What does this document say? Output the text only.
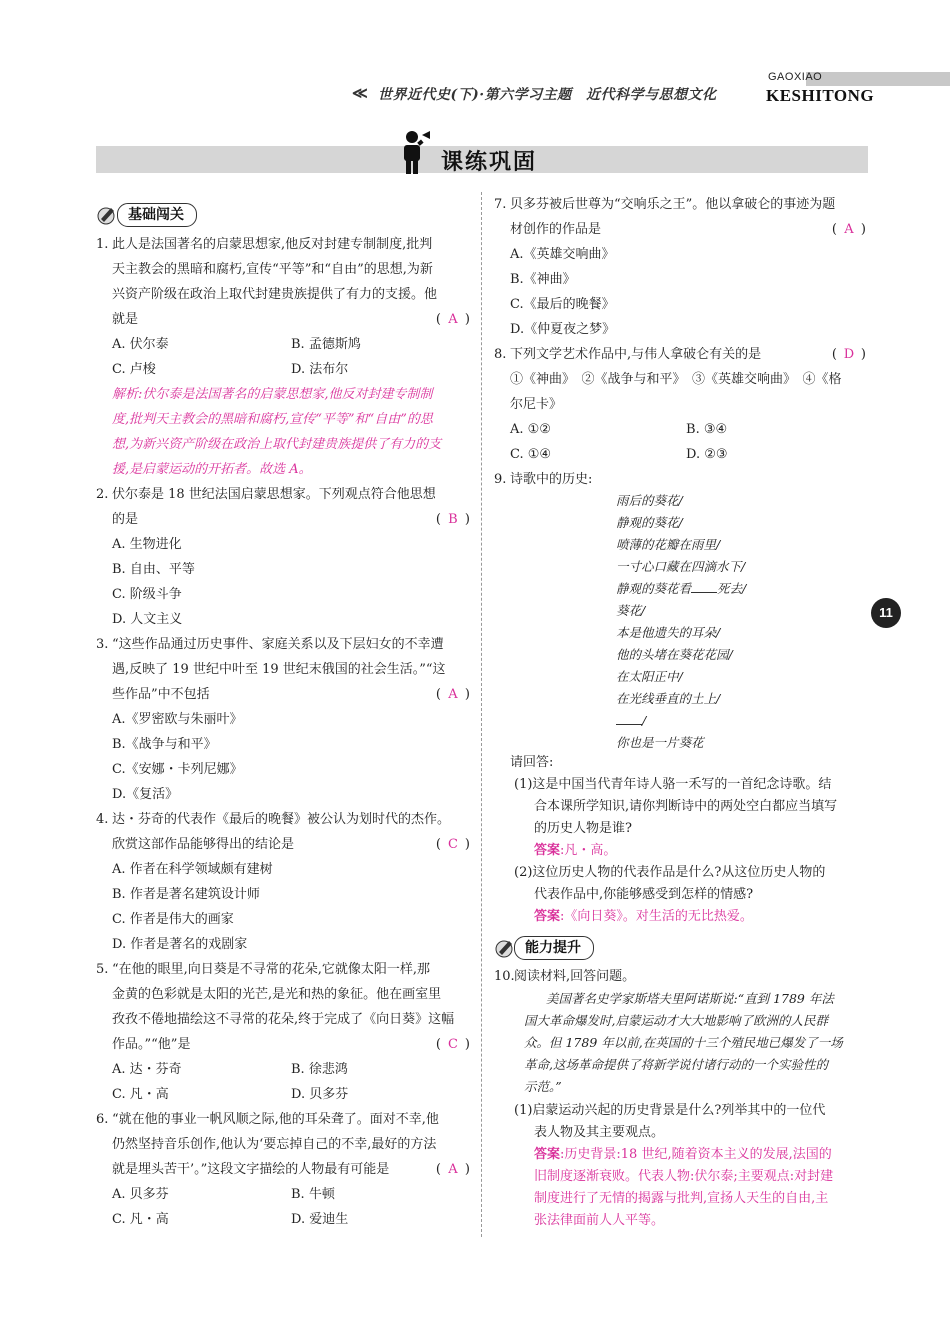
≪ 世界近代史(下)·第六学习主题　近代科学与思想文化
GAOXIAO
KESHITONG
课练巩固
基础闯关
1. 此人是法国著名的启蒙思想家,他反对封建专制制度,批判
天主教会的黑暗和腐朽,宣传“平等”和“自由”的思想,为新
兴资产阶级在政治上取代封建贵族提供了有力的支援。他
就是	( A )
A. 伏尔泰	B. 孟德斯鸠
C. 卢梭	D. 法布尔
解析:伏尔泰是法国著名的启蒙思想家,他反对封建专制制
度,批判天主教会的黑暗和腐朽,宣传“平等”和“自由”的思
想,为新兴资产阶级在政治上取代封建贵族提供了有力的支
援,是启蒙运动的开拓者。故选 A。
2. 伏尔泰是 18 世纪法国启蒙思想家。下列观点符合他思想
的是	( B )
A. 生物进化
B. 自由、平等
C. 阶级斗争
D. 人文主义
3. “这些作品通过历史事件、家庭关系以及下层妇女的不幸遭
遇,反映了 19 世纪中叶至 19 世纪末俄国的社会生活。”“这
些作品”中不包括	( A )
A.《罗密欧与朱丽叶》
B.《战争与和平》
C.《安娜・卡列尼娜》
D.《复活》
4. 达・芬奇的代表作《最后的晚餐》被公认为划时代的杰作。
欣赏这部作品能够得出的结论是	( C )
A. 作者在科学领域颇有建树
B. 作者是著名建筑设计师
C. 作者是伟大的画家
D. 作者是著名的戏剧家
5. “在他的眼里,向日葵是不寻常的花朵,它就像太阳一样,那
金黄的色彩就是太阳的光芒,是光和热的象征。他在画室里
孜孜不倦地描绘这不寻常的花朵,终于完成了《向日葵》这幅
作品。”“他”是	( C )
A. 达・芬奇	B. 徐悲鸿
C. 凡・高	D. 贝多芬
6. “就在他的事业一帆风顺之际,他的耳朵聋了。面对不幸,他
仍然坚持音乐创作,他认为‘要忘掉自己的不幸,最好的方法
就是埋头苦干’。”这段文字描绘的人物最有可能是	( A )
A. 贝多芬	B. 牛顿
C. 凡・高	D. 爱迪生
7. 贝多芬被后世尊为“交响乐之王”。他以拿破仑的事迹为题
材创作的作品是	( A )
A.《英雄交响曲》
B.《神曲》
C.《最后的晚餐》
D.《仲夏夜之梦》
8. 下列文学艺术作品中,与伟人拿破仑有关的是	( D )
①《神曲》　②《战争与和平》　③《英雄交响曲》　④《格
尔尼卡》
A. ①②	B. ③④
C. ①④	D. ②③
9. 诗歌中的历史:
雨后的葵花/
静观的葵花/
喷薄的花瓣在雨里/
一寸心口藏在四滴水下/
静观的葵花看 死去/
葵花/
本是他遗失的耳朵/
他的头堵在葵花花园/
在太阳正中/
在光线垂直的土上/
/
你也是一片葵花
11
请回答:
(1)这是中国当代青年诗人骆一禾写的一首纪念诗歌。结
合本课所学知识,请你判断诗中的两处空白都应当填写
的历史人物是谁?
答案:凡・高。
(2)这位历史人物的代表作品是什么?从这位历史人物的
代表作品中,你能够感受到怎样的情感?
答案:《向日葵》。对生活的无比热爱。
能力提升
10. 阅读材料,回答问题。
美国著名史学家斯塔夫里阿诺斯说:“直到 1789 年法
国大革命爆发时,启蒙运动才大大地影响了欧洲的人民群
众。但 1789 年以前,在英国的十三个殖民地已爆发了一场
革命,这场革命提供了将新学说付诸行动的一个实验性的
示范。”
(1)启蒙运动兴起的历史背景是什么?列举其中的一位代
表人物及其主要观点。
答案:历史背景:18 世纪,随着资本主义的发展,法国的
旧制度逐渐衰败。代表人物:伏尔泰;主要观点:对封建
制度进行了无情的揭露与批判,宣扬人天生的自由,主
张法律面前人人平等。
